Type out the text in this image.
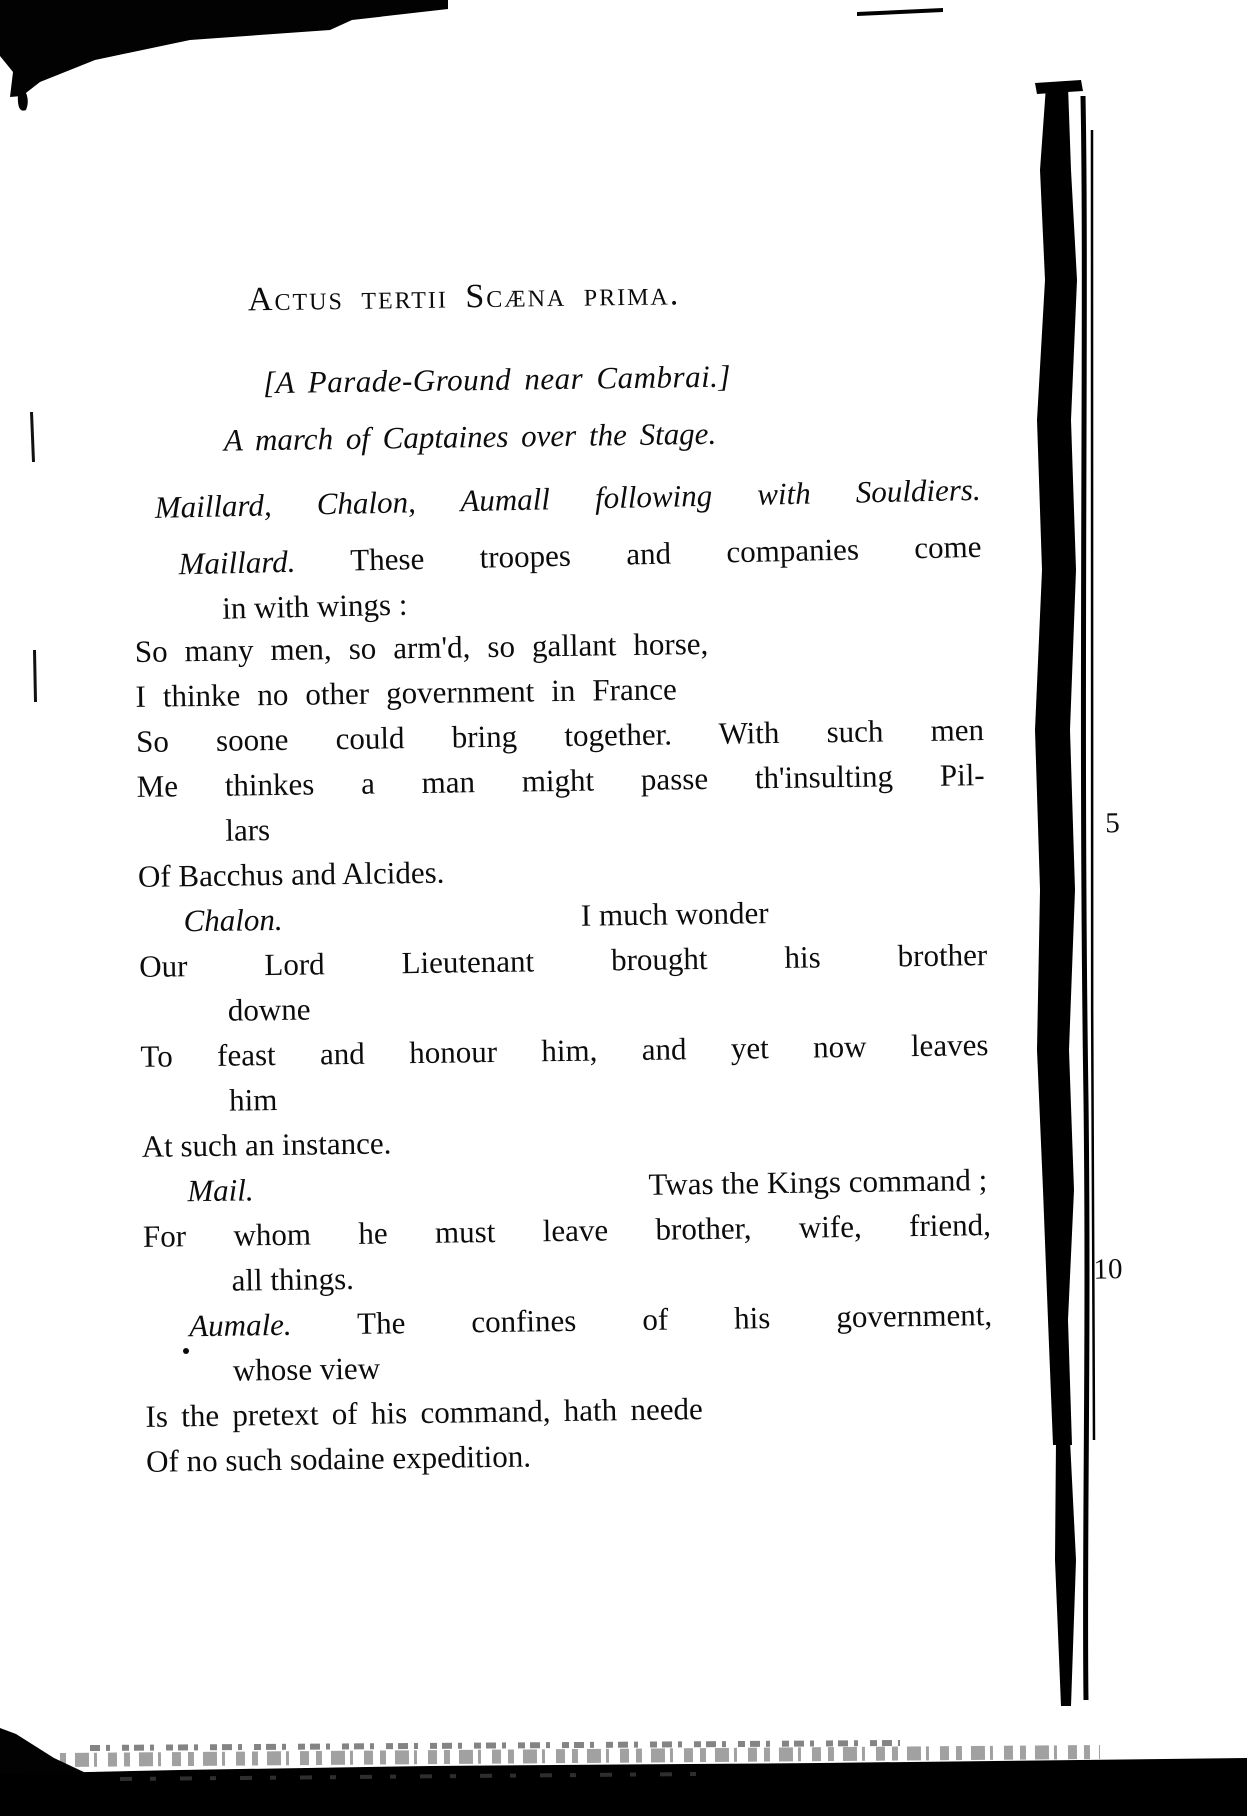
Actus tertii Scæna prima.
[A Parade-Ground near Cambrai.]
A march of Captaines over the Stage.
Maillard, Chalon, Aumall following with Souldiers.
Maillard. These troopes and companies come
in with wings :
So many men, so arm'd, so gallant horse,
I thinke no other government in France
So soone could bring together. With such men
Me thinkes a man might passe th'insulting Pil-
lars	5
Of Bacchus and Alcides.
Chalon.	I much wonder
Our Lord Lieutenant brought his brother
downe
To feast and honour him, and yet now leaves
him
At such an instance.
Mail.	Twas the Kings command ;
For whom he must leave brother, wife, friend,
all things.	10
Aumale. The confines of his government,
whose view
Is the pretext of his command, hath neede
Of no such sodaine expedition.
